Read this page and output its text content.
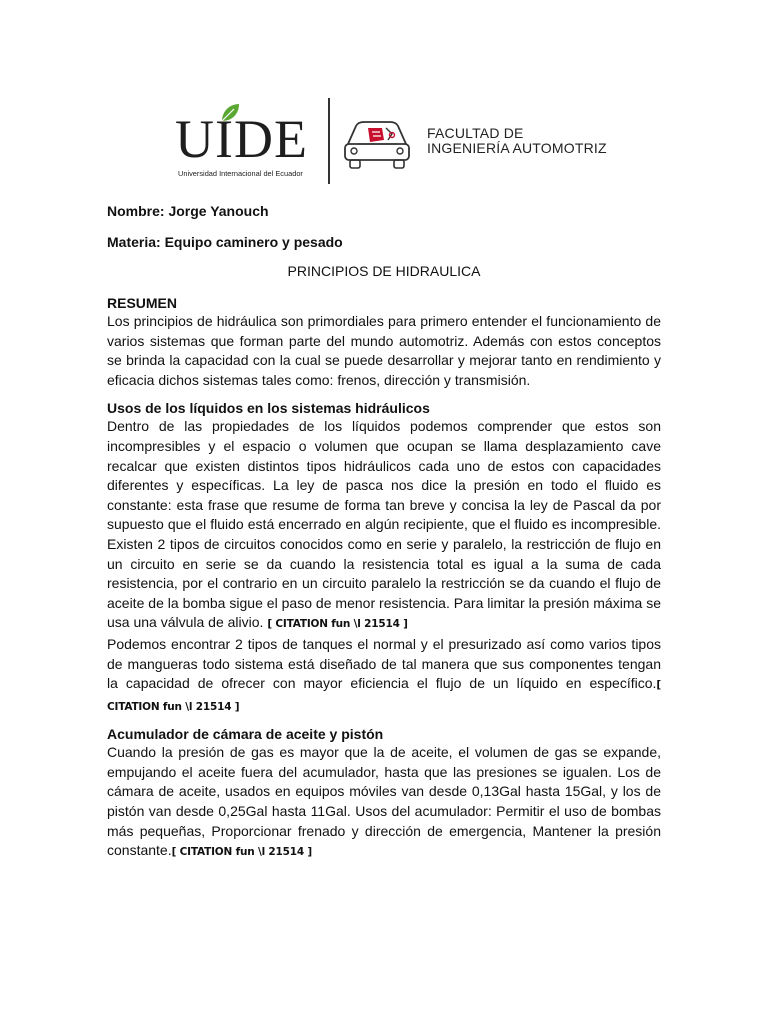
UIDE
Universidad Internacional del Ecuador
FACULTAD DE
INGENIERÍA AUTOMOTRIZ
Nombre: Jorge Yanouch
Materia: Equipo caminero y pesado
PRINCIPIOS DE HIDRAULICA
RESUMEN

Los principios de hidráulica son primordiales para primero entender el funcionamiento de varios sistemas que forman parte del mundo automotriz. Además con estos conceptos se brinda la capacidad con la cual se puede desarrollar y mejorar tanto en rendimiento y eficacia dichos sistemas tales como: frenos, dirección y transmisión.

Usos de los líquidos en los sistemas hidráulicos

Dentro de las propiedades de los líquidos podemos comprender que estos son incompresibles y el espacio o volumen que ocupan se llama desplazamiento cave recalcar que existen distintos tipos hidráulicos cada uno de estos con capacidades diferentes y específicas. La ley de pasca nos dice la presión en todo el fluido es constante: esta frase que resume de forma tan breve y concisa la ley de Pascal da por supuesto que el fluido está encerrado en algún recipiente, que el fluido es incompresible. Existen 2 tipos de circuitos conocidos como en serie y paralelo, la restricción de flujo en un circuito en serie se da cuando la resistencia total es igual a la suma de cada resistencia, por el contrario en un circuito paralelo la restricción se da cuando el flujo de aceite de la bomba sigue el paso de menor resistencia. Para limitar la presión máxima se usa una válvula de alivio. [ CITATION fun \l 21514 ]

Podemos encontrar 2 tipos de tanques el normal y el presurizado así como varios tipos de mangueras todo sistema está diseñado de tal manera que sus componentes tengan la capacidad de ofrecer con mayor eficiencia el flujo de un líquido en específico.[ CITATION fun \l 21514 ]

Acumulador de cámara de aceite y pistón

Cuando la presión de gas es mayor que la de aceite, el volumen de gas se expande, empujando el aceite fuera del acumulador, hasta que las presiones se igualen. Los de cámara de aceite, usados en equipos móviles van desde 0,13Gal hasta 15Gal, y los de pistón van desde 0,25Gal hasta 11Gal. Usos del acumulador: Permitir el uso de bombas más pequeñas, Proporcionar frenado y dirección de emergencia, Mantener la presión constante.[ CITATION fun \l 21514 ]
